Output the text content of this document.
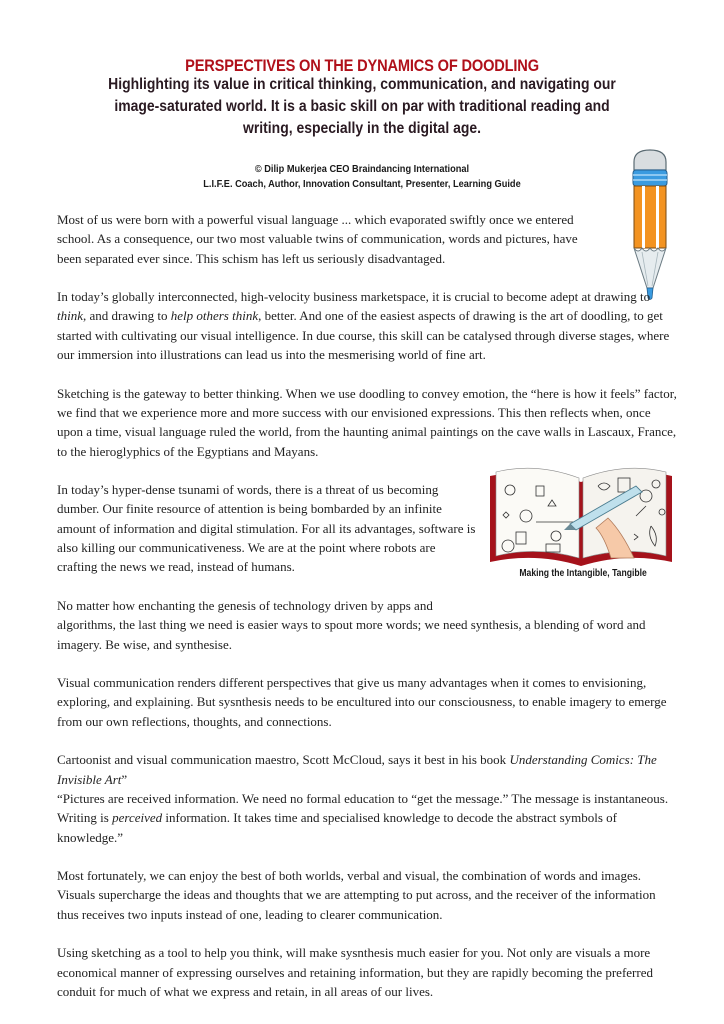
PERSPECTIVES ON THE DYNAMICS OF DOODLING
Highlighting its value in critical thinking, communication, and navigating our image-saturated world. It is a basic skill on par with traditional reading and writing, especially in the digital age.
© Dilip Mukerjea CEO Braindancing International
L.I.F.E. Coach, Author, Innovation Consultant, Presenter, Learning Guide
Making the Intangible, Tangible

Most of us were born with a powerful visual language ... which evaporated swiftly once we entered school. As a consequence, our two most valuable twins of communication, words and pictures, have been separated ever since. This schism has left us seriously disadvantaged.

In today’s globally interconnected, high-velocity business marketspace, it is crucial to become adept at drawing to think, and drawing to help others think, better. And one of the easiest aspects of drawing is the art of doodling, to get started with cultivating our visual intelligence. In due course, this skill can be catalysed through diverse stages, where our immersion into illustrations can lead us into the mesmerising world of fine art.

Sketching is the gateway to better thinking. When we use doodling to convey emotion, the “here is how it feels” factor, we find that we experience more and more success with our envisioned expressions. This then reflects when, once upon a time, visual language ruled the world, from the haunting animal paintings on the cave walls in Lascaux, France, to the hieroglyphics of the Egyptians and Mayans.

In today’s hyper-dense tsunami of words, there is a threat of us becoming dumber. Our finite resource of attention is being bombarded by an infinite amount of information and digital stimulation. For all its advantages, software is also killing our communicativeness. We are at the point where robots are crafting the news we read, instead of humans.

No matter how enchanting the genesis of technology driven by apps and
algorithms, the last thing we need is easier ways to spout more words; we need synthesis, a blending of word and imagery. Be wise, and synthesise.

Visual communication renders different perspectives that give us many advantages when it comes to envisioning, exploring, and explaining. But sysnthesis needs to be encultured into our consciousness, to enable imagery to emerge from our own reflections, thoughts, and connections.

Cartoonist and visual communication maestro, Scott McCloud, says it best in his book Understanding Comics: The Invisible Art”
“Pictures are received information. We need no formal education to “get the message.” The message is instantaneous. Writing is perceived information. It takes time and specialised knowledge to decode the abstract symbols of knowledge.”

Most fortunately, we can enjoy the best of both worlds, verbal and visual, the combination of words and images. Visuals supercharge the ideas and thoughts that we are attempting to put across, and the receiver of the information thus receives two inputs instead of one, leading to clearer communication.

Using sketching as a tool to help you think, will make sysnthesis much easier for you. Not only are visuals a more economical manner of expressing ourselves and retaining information, but they are rapidly becoming the preferred conduit for much of what we express and retain, in all areas of our lives.
